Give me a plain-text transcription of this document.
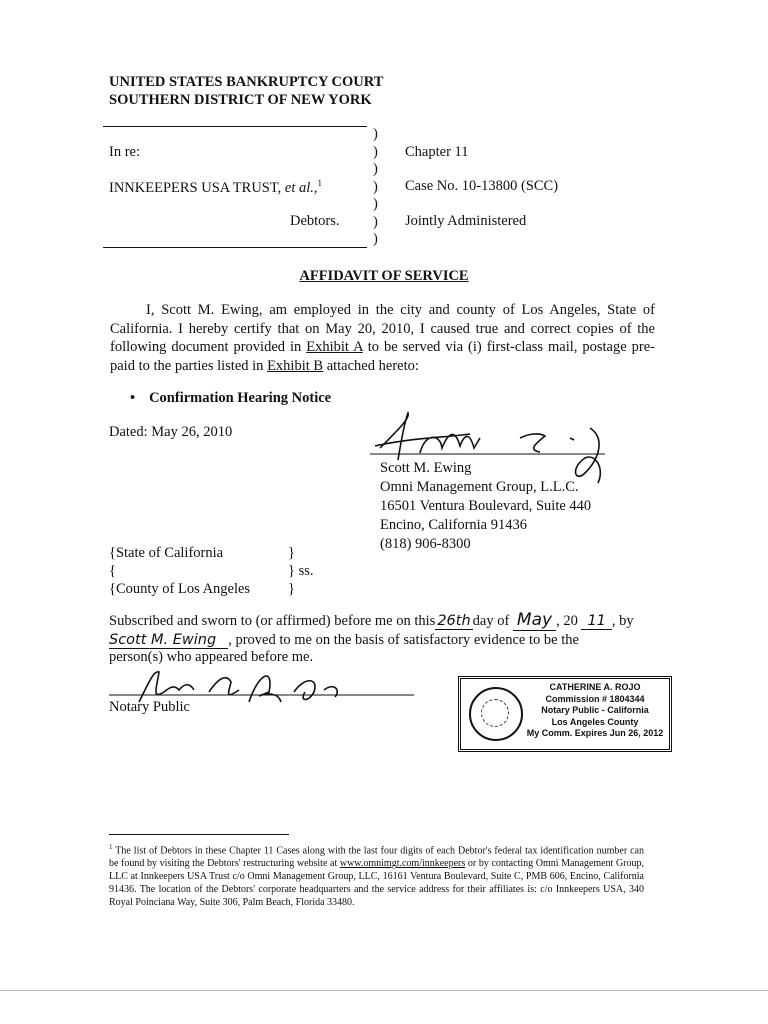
UNITED STATES BANKRUPTCY COURT
SOUTHERN DISTRICT OF NEW YORK
In re:
INNKEEPERS USA TRUST, et al.,$^1$
Debtors.
)
)
)
)
)
)
)
Chapter 11
Case No. 10-13800 (SCC)
Jointly Administered
AFFIDAVIT OF SERVICE

I, Scott M. Ewing, am employed in the city and county of Los Angeles, State of California. I hereby certify that on May 20, 2010, I caused true and correct copies of the following document provided in Exhibit A to be served via (i) first-class mail, postage pre-paid to the parties listed in Exhibit B attached hereto:

• Confirmation Hearing Notice
Dated: May 26, 2010
Scott M. Ewing
Omni Management Group, L.L.C.
16501 Ventura Boulevard, Suite 440
Encino, California 91436
(818) 906-8300
{State of California
{
{County of Los Angeles
}
} ss.
}
Subscribed and sworn to (or affirmed) before me on this 26th day of May , 20 11 , by
Scott M. Ewing , proved to me on the basis of satisfactory evidence to be the
person(s) who appeared before me.
Notary Public
CATHERINE A. ROJO
Commission # 1804344
Notary Public - California
Los Angeles County
My Comm. Expires Jun 26, 2012
$^1$ The list of Debtors in these Chapter 11 Cases along with the last four digits of each Debtor's federal tax identification number can be found by visiting the Debtors' restructuring website at www.omnimgt.com/innkeepers or by contacting Omni Management Group, LLC at Innkeepers USA Trust c/o Omni Management Group, LLC, 16161 Ventura Boulevard, Suite C, PMB 606, Encino, California 91436. The location of the Debtors' corporate headquarters and the service address for their affiliates is: c/o Innkeepers USA, 340 Royal Poinciana Way, Suite 306, Palm Beach, Florida 33480.
